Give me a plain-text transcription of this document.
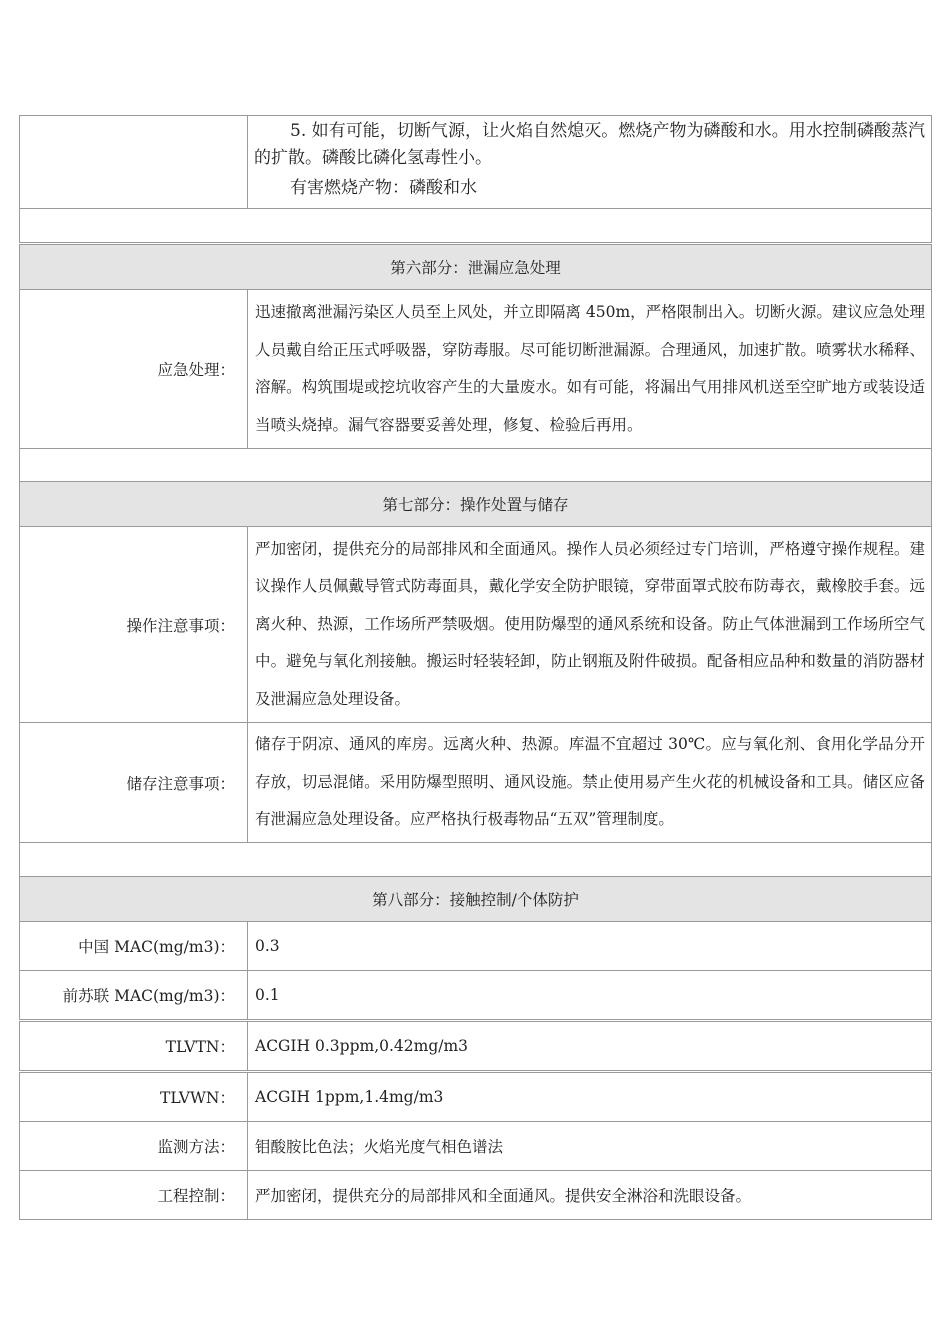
5. 如有可能，切断气源，让火焰自然熄灭。燃烧产物为磷酸和水。用水控制磷酸蒸汽的扩散。磷酸比磷化氢毒性小。

有害燃烧产物：磷酸和水

第六部分：泄漏应急处理
应急处理：	迅速撤离泄漏污染区人员至上风处，并立即隔离 450m，严格限制出入。切断火源。建议应急处理人员戴自给正压式呼吸器，穿防毒服。尽可能切断泄漏源。合理通风，加速扩散。喷雾状水稀释、溶解。构筑围堤或挖坑收容产生的大量废水。如有可能，将漏出气用排风机送至空旷地方或装设适当喷头烧掉。漏气容器要妥善处理，修复、检验后再用。

第七部分：操作处置与储存	
操作注意事项：	严加密闭，提供充分的局部排风和全面通风。操作人员必须经过专门培训，严格遵守操作规程。建议操作人员佩戴导管式防毒面具，戴化学安全防护眼镜，穿带面罩式胶布防毒衣，戴橡胶手套。远离火种、热源，工作场所严禁吸烟。使用防爆型的通风系统和设备。防止气体泄漏到工作场所空气中。避免与氧化剂接触。搬运时轻装轻卸，防止钢瓶及附件破损。配备相应品种和数量的消防器材及泄漏应急处理设备。
储存注意事项：	储存于阴凉、通风的库房。远离火种、热源。库温不宜超过 30℃。应与氧化剂、食用化学品分开存放，切忌混储。采用防爆型照明、通风设施。禁止使用易产生火花的机械设备和工具。储区应备有泄漏应急处理设备。应严格执行极毒物品“五双”管理制度。

第八部分：接触控制/个体防护	
中国 MAC(mg/m3)：	0.3
前苏联 MAC(mg/m3)：	0.1
TLVTN：	ACGIH 0.3ppm,0.42mg/m3
TLVWN：	ACGIH 1ppm,1.4mg/m3
监测方法：	钼酸胺比色法；火焰光度气相色谱法
工程控制：	严加密闭，提供充分的局部排风和全面通风。提供安全淋浴和洗眼设备。
